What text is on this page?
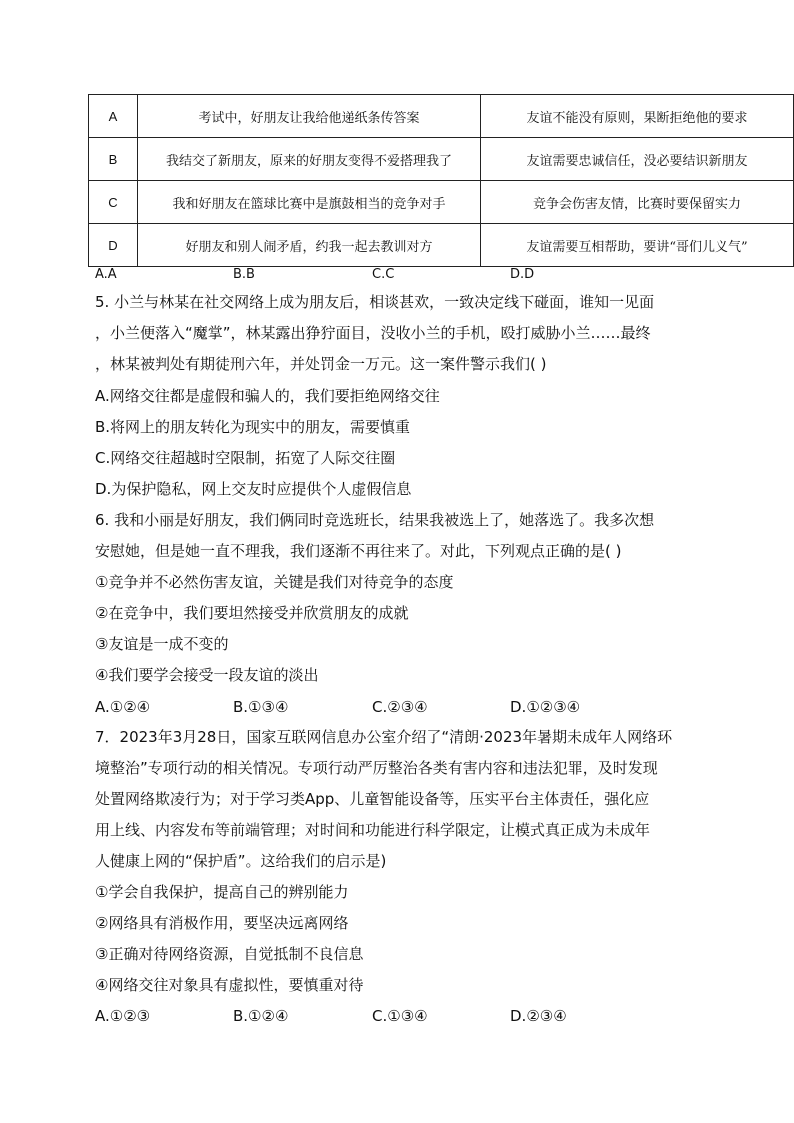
A	考试中，好朋友让我给他递纸条传答案	友谊不能没有原则，果断拒绝他的要求
B	我结交了新朋友，原来的好朋友变得不爱搭理我了	友谊需要忠诚信任，没必要结识新朋友
C	我和好朋友在篮球比赛中是旗鼓相当的竞争对手	竞争会伤害友情，比赛时要保留实力
D	好朋友和别人闹矛盾，约我一起去教训对方	友谊需要互相帮助，要讲“哥们儿义气”
A.A	B.B	C.C	D.D
5. 小兰与林某在社交网络上成为朋友后，相谈甚欢，一致决定线下碰面，谁知一见面
，小兰便落入“魔掌”，林某露出狰狞面目，没收小兰的手机，殴打威胁小兰……最终
，林某被判处有期徒刑六年，并处罚金一万元。这一案件警示我们( )
A.网络交往都是虚假和骗人的，我们要拒绝网络交往
B.将网上的朋友转化为现实中的朋友，需要慎重
C.网络交往超越时空限制，拓宽了人际交往圈
D.为保护隐私，网上交友时应提供个人虚假信息
6. 我和小丽是好朋友，我们俩同时竞选班长，结果我被选上了，她落选了。我多次想
安慰她，但是她一直不理我，我们逐渐不再往来了。对此，下列观点正确的是( )
①竞争并不必然伤害友谊，关键是我们对待竞争的态度
②在竞争中，我们要坦然接受并欣赏朋友的成就
③友谊是一成不变的
④我们要学会接受一段友谊的淡出
A.①②④	B.①③④	C.②③④	D.①②③④
7．2023年3月28日，国家互联网信息办公室介绍了“清朗·2023年暑期未成年人网络环
境整治”专项行动的相关情况。专项行动严厉整治各类有害内容和违法犯罪，及时发现
处置网络欺凌行为；对于学习类App、儿童智能设备等，压实平台主体责任，强化应
用上线、内容发布等前端管理；对时间和功能进行科学限定，让模式真正成为未成年
人健康上网的“保护盾”。这给我们的启示是)
①学会自我保护，提高自己的辨别能力
②网络具有消极作用，要坚决远离网络
③正确对待网络资源，自觉抵制不良信息
④网络交往对象具有虚拟性，要慎重对待
A.①②③	B.①②④	C.①③④	D.②③④
